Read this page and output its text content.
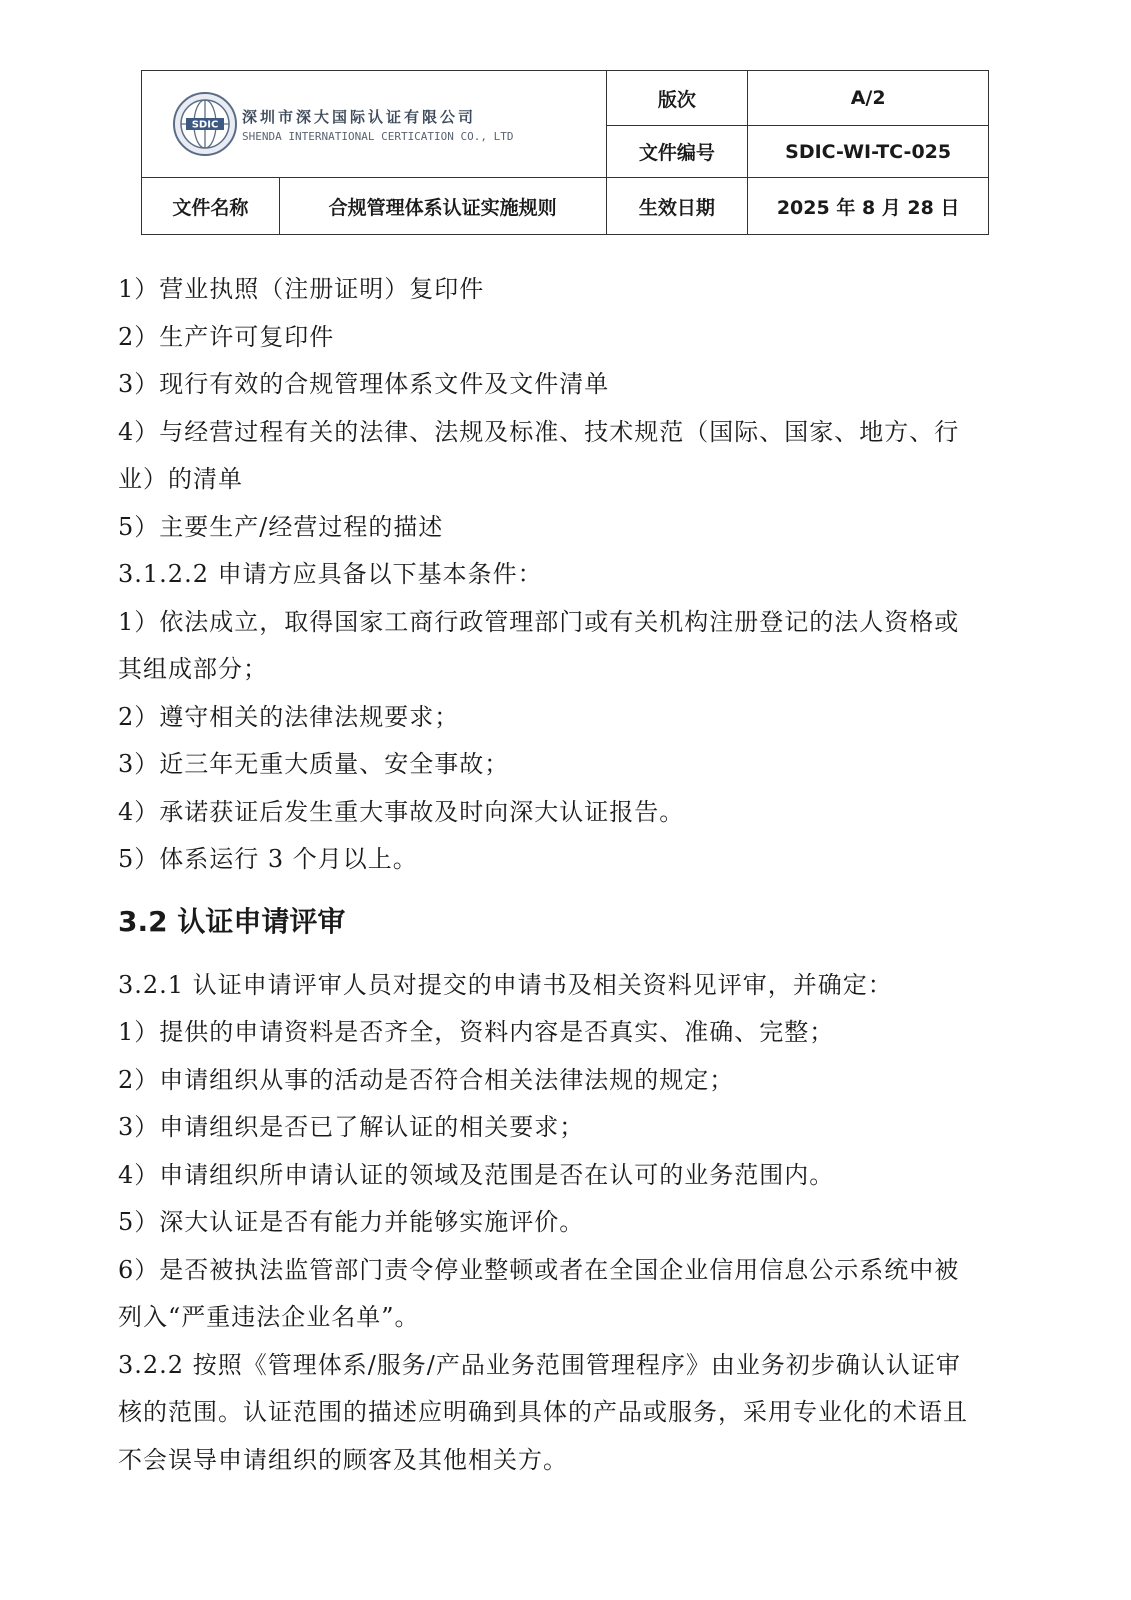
SDIC 深圳市深大国际认证有限公司
SHENDA INTERNATIONAL CERTICATION CO., LTD		版次	A/2
		文件编号	SDIC-WI-TC-025
文件名称	合规管理体系认证实施规则	生效日期	2025 年 8 月 28 日

1）营业执照（注册证明）复印件

2）生产许可复印件

3）现行有效的合规管理体系文件及文件清单

4）与经营过程有关的法律、法规及标准、技术规范（国际、国家、地方、行

业）的清单

5）主要生产/经营过程的描述

3.1.2.2 申请方应具备以下基本条件：

1）依法成立，取得国家工商行政管理部门或有关机构注册登记的法人资格或

其组成部分；

2）遵守相关的法律法规要求；

3）近三年无重大质量、安全事故；

4）承诺获证后发生重大事故及时向深大认证报告。

5）体系运行 3 个月以上。

3.2 认证申请评审

3.2.1 认证申请评审人员对提交的申请书及相关资料见评审，并确定：

1）提供的申请资料是否齐全，资料内容是否真实、准确、完整；

2）申请组织从事的活动是否符合相关法律法规的规定；

3）申请组织是否已了解认证的相关要求；

4）申请组织所申请认证的领域及范围是否在认可的业务范围内。

5）深大认证是否有能力并能够实施评价。

6）是否被执法监管部门责令停业整顿或者在全国企业信用信息公示系统中被

列入“严重违法企业名单”。

3.2.2 按照《管理体系/服务/产品业务范围管理程序》由业务初步确认认证审

核的范围。认证范围的描述应明确到具体的产品或服务，采用专业化的术语且

不会误导申请组织的顾客及其他相关方。
